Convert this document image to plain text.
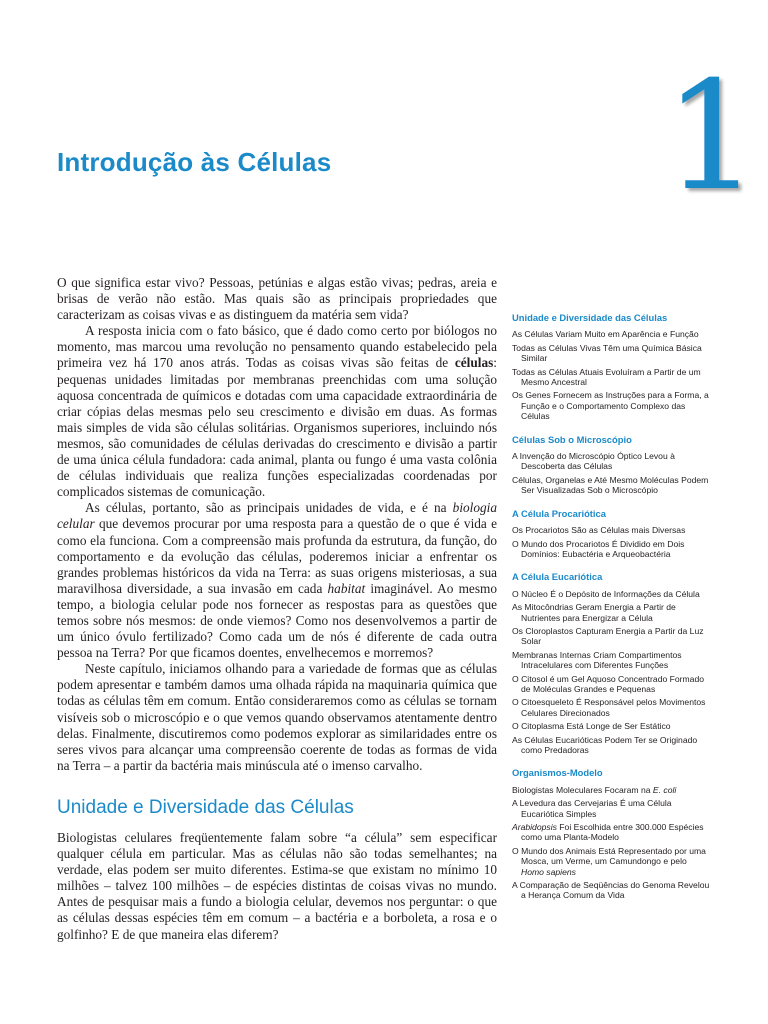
1
Introdução às Células

O que significa estar vivo? Pessoas, petúnias e algas estão vivas; pedras, areia e brisas de verão não estão. Mas quais são as principais propriedades que caracterizam as coisas vivas e as distinguem da matéria sem vida?

A resposta inicia com o fato básico, que é dado como certo por biólogos no momento, mas marcou uma revolução no pensamento quando estabelecido pela primeira vez há 170 anos atrás. Todas as coisas vivas são feitas de células: pequenas unidades limitadas por membranas preenchidas com uma solução aquosa concentrada de químicos e dotadas com uma capacidade extraordinária de criar cópias delas mesmas pelo seu crescimento e divisão em duas. As formas mais simples de vida são células solitárias. Organismos superiores, incluindo nós mesmos, são comunidades de células derivadas do crescimento e divisão a partir de uma única célula fundadora: cada animal, planta ou fungo é uma vasta colônia de células individuais que realiza funções especializadas coordenadas por complicados sistemas de comunicação.

As células, portanto, são as principais unidades de vida, e é na biologia celular que devemos procurar por uma resposta para a questão de o que é vida e como ela funciona. Com a compreensão mais profunda da estrutura, da função, do comportamento e da evolução das células, poderemos iniciar a enfrentar os grandes problemas históricos da vida na Terra: as suas origens misteriosas, a sua maravilhosa diversidade, a sua invasão em cada habitat imaginável. Ao mesmo tempo, a biologia celular pode nos fornecer as respostas para as questões que temos sobre nós mesmos: de onde viemos? Como nos desenvolvemos a partir de um único óvulo fertilizado? Como cada um de nós é diferente de cada outra pessoa na Terra? Por que ficamos doentes, envelhecemos e morremos?

Neste capítulo, iniciamos olhando para a variedade de formas que as células podem apresentar e também damos uma olhada rápida na maquinaria química que todas as células têm em comum. Então consideraremos como as células se tornam visíveis sob o microscópio e o que vemos quando observamos atentamente dentro delas. Finalmente, discutiremos como podemos explorar as similaridades entre os seres vivos para alcançar uma compreensão coerente de todas as formas de vida na Terra – a partir da bactéria mais minúscula até o imenso carvalho.

Unidade e Diversidade das Células

Biologistas celulares freqüentemente falam sobre “a célula” sem especificar qualquer célula em particular. Mas as células não são todas semelhantes; na verdade, elas podem ser muito diferentes. Estima-se que existam no mínimo 10 milhões – talvez 100 milhões – de espécies distintas de coisas vivas no mundo. Antes de pesquisar mais a fundo a biologia celular, devemos nos perguntar: o que as células dessas espécies têm em comum – a bactéria e a borboleta, a rosa e o golfinho? E de que maneira elas diferem?

Unidade e Diversidade das Células
As Células Variam Muito em Aparência e Função
Todas as Células Vivas Têm uma Química Básica Similar
Todas as Células Atuais Evoluíram a Partir de um Mesmo Ancestral
Os Genes Fornecem as Instruções para a Forma, a Função e o Comportamento Complexo das Células
Células Sob o Microscópio
A Invenção do Microscópio Óptico Levou à Descoberta das Células
Células, Organelas e Até Mesmo Moléculas Podem Ser Visualizadas Sob o Microscópio
A Célula Procariótica
Os Procariotos São as Células mais Diversas
O Mundo dos Procariotos É Dividido em Dois Domínios: Eubactéria e Arqueobactéria
A Célula Eucariótica
O Núcleo É o Depósito de Informações da Célula
As Mitocôndrias Geram Energia a Partir de Nutrientes para Energizar a Célula
Os Cloroplastos Capturam Energia a Partir da Luz Solar
Membranas Internas Criam Compartimentos Intracelulares com Diferentes Funções
O Citosol é um Gel Aquoso Concentrado Formado de Moléculas Grandes e Pequenas
O Citoesqueleto É Responsável pelos Movimentos Celulares Direcionados
O Citoplasma Está Longe de Ser Estático
As Células Eucarióticas Podem Ter se Originado como Predadoras
Organismos-Modelo
Biologistas Moleculares Focaram na E. coli
A Levedura das Cervejarias É uma Célula Eucariótica Simples
Arabidopsis Foi Escolhida entre 300.000 Espécies como uma Planta-Modelo
O Mundo dos Animais Está Representado por uma Mosca, um Verme, um Camundongo e pelo Homo sapiens
A Comparação de Seqüências do Genoma Revelou a Herança Comum da Vida
